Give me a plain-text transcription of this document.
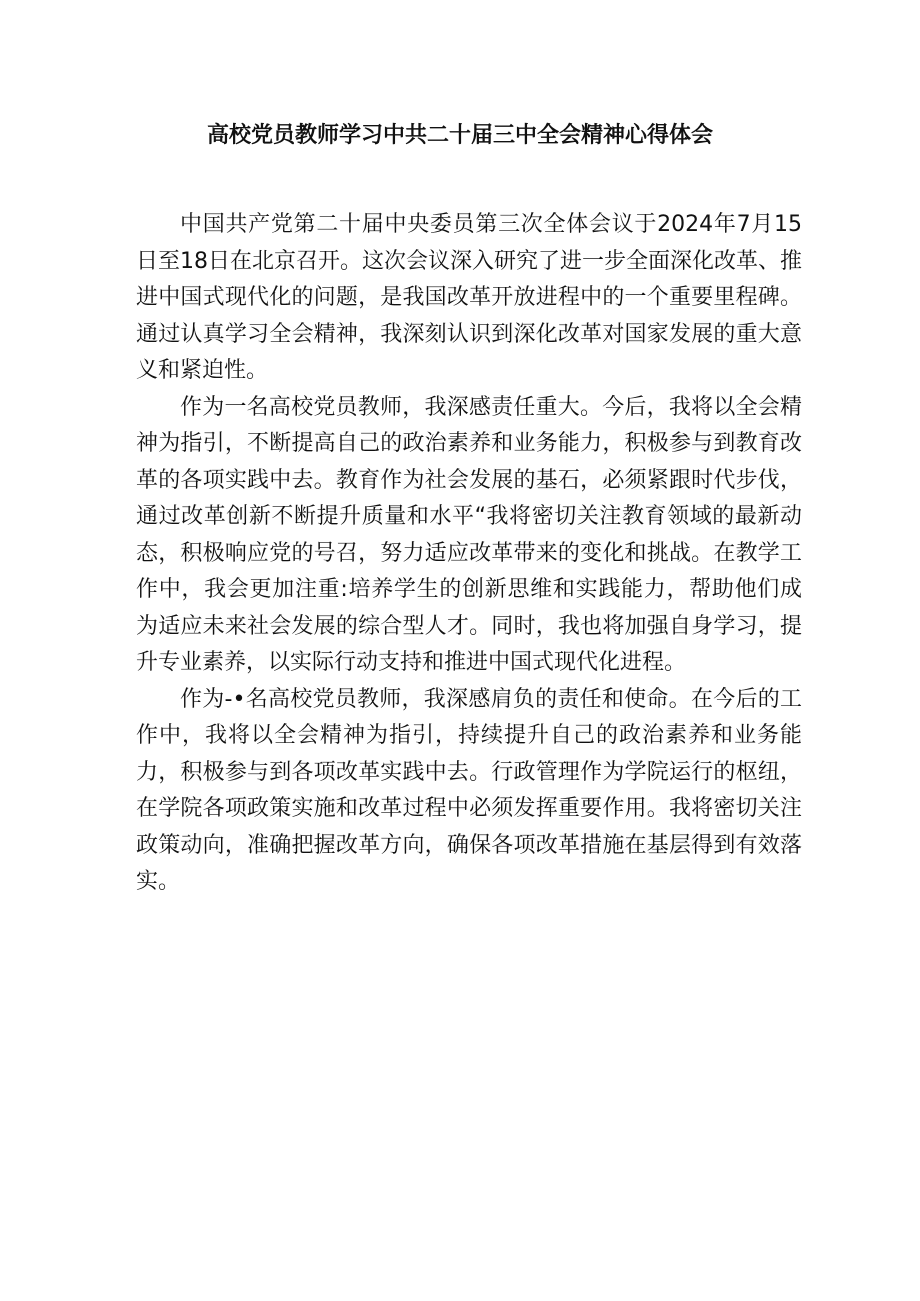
高校党员教师学习中共二十届三中全会精神心得体会

中国共产党第二十届中央委员第三次全体会议于2024年7月15日至18日在北京召开。这次会议深入研究了进一步全面深化改革、推进中国式现代化的问题，是我国改革开放进程中的一个重要里程碑。通过认真学习全会精神，我深刻认识到深化改革对国家发展的重大意义和紧迫性。

作为一名高校党员教师，我深感责任重大。今后，我将以全会精神为指引，不断提高自己的政治素养和业务能力，积极参与到教育改革的各项实践中去。教育作为社会发展的基石，必须紧跟时代步伐，通过改革创新不断提升质量和水平“我将密切关注教育领域的最新动态，积极响应党的号召，努力适应改革带来的变化和挑战。在教学工作中，我会更加注重:培养学生的创新思维和实践能力，帮助他们成为适应未来社会发展的综合型人才。同时，我也将加强自身学习，提升专业素养，以实际行动支持和推进中国式现代化进程。

作为-•名高校党员教师，我深感肩负的责任和使命。在今后的工作中，我将以全会精神为指引，持续提升自己的政治素养和业务能力，积极参与到各项改革实践中去。行政管理作为学院运行的枢纽，在学院各项政策实施和改革过程中必须发挥重要作用。我将密切关注政策动向，准确把握改革方向，确保各项改革措施在基层得到有效落实。
